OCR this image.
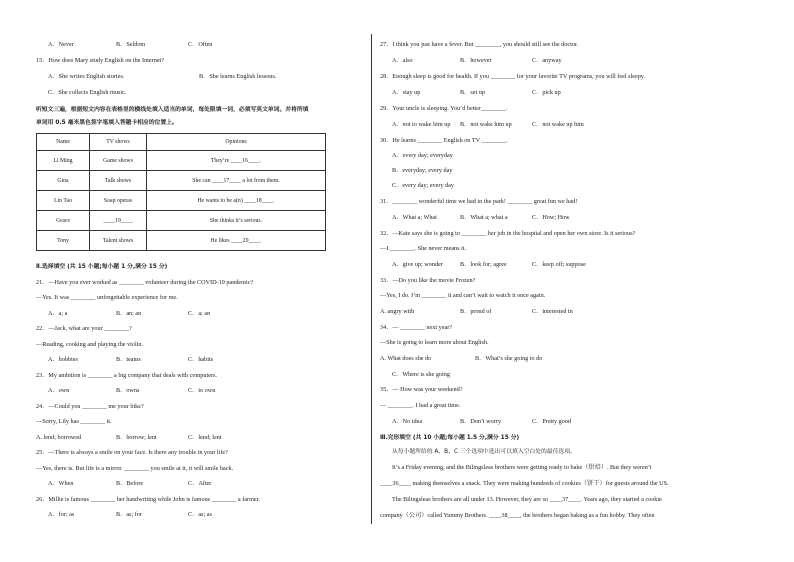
A．Never	B．Seldom	C．Often
15．How does Mary study English on the Internet?
A．She writes English stories.	B．She learns English lessons.
C．She collects English music.
听短文三遍，根据短文内容在表格里的横线处填入适当的单词，每处限填一词，必须写英文单词。并将所填
单词用 0.5 毫米黑色签字笔填入答题卡相应的位置上。
Name	TV shows	Opinions
Li Ming	Game shows	They’re ____16____.
Gina	Talk shows	She can ____17____ a lot from them.
Lin Tao	Soap operas	He wants to be a(n) ____18____.
Grace	____19____	She thinks it’s serious.
Tony	Talent shows	He likes ____20____.
Ⅱ.选择填空 (共 15 小题;每小题 1 分,满分 15 分)
21．—Have you ever worked as ________ volunteer during the COVID-19 pandemic?
—Yes. It was ________ unforgettable experience for me.
A．a; a	B．an; an	C．a; an
22．—Jack, what are your ________?
—Reading, cooking and playing the violin.
A．hobbies	B．teams	C．habits
23．My ambition is ________ a big company that deals with computers.
A．own	B．owns	C．to own
24．—Could you ________ me your bike?
—Sorry, Lily has ________ it.
A. lend; borrowed	B．borrow; lent	C．lend; lent
25．—There is always a smile on your face. Is there any trouble in your life?
—Yes, there is. But life is a mirror. ________ you smile at it, it will smile back.
A．When	B．Before	C．After
26．Millie is famous ________ her handwriting while John is famous ________ a farmer.
A．for; as	B．as; for	C．as; as
27．I think you just have a fever. But ________, you should still see the doctor.
A．also	B．however	C．anyway
28．Enough sleep is good for health. If you ________ for your favorite TV programs, you will feel sleepy.
A．stay up	B．set up	C．pick up
29．Your uncle is sleeping. You’d better________.
A．not to wake him up B．not wake him up	C．not wake up him
30．He learns ________ English on TV ________.
A．every day; everyday
B．everyday; every day
C．every day; every day
31．________ wonderful time we had in the park! ________ great fun we had!
A．What a; What	B．What a; what a	C．How; How
32．—Kate says she is going to ________ her job in the hospital and open her own store. Is it serious?
—I ________. She never means it.
A．give up; wonder	B．look for; agree	C．keep off; suppose
33．—Do you like the movie Frozen?
—Yes, I do. I’m ________ it and can’t wait to watch it once again.
A. angry with	B．proud of	C．interested in
34．— ________ next year?
—She is going to learn more about English.
A. What does she do	B．What’s she going to do
C．Where is she going
35．— How was your weekend?
— ________. I had a great time.
A．No idea	B．Don’t worry	C．Pretty good
Ⅲ.完形填空 (共 10 小题;每小题 1.5 分,满分 15 分)
从每小题所给的 A、B、C 三个选项中选出可以填入空白处的最佳选项。
It’s a Friday evening, and the Bilingsleas brothers were getting ready to bake（烘焙）. But they weren’t
____36____ making themselves a snack. They were making hundreds of cookies（饼干）for guests around the US.
The Bilingsleas brothers are all under 13. However, they are so ____37____. Years ago, they started a cookie
company（公司）called Yummy Brothers. ____38____, the brothers began baking as a fun hobby. They often
